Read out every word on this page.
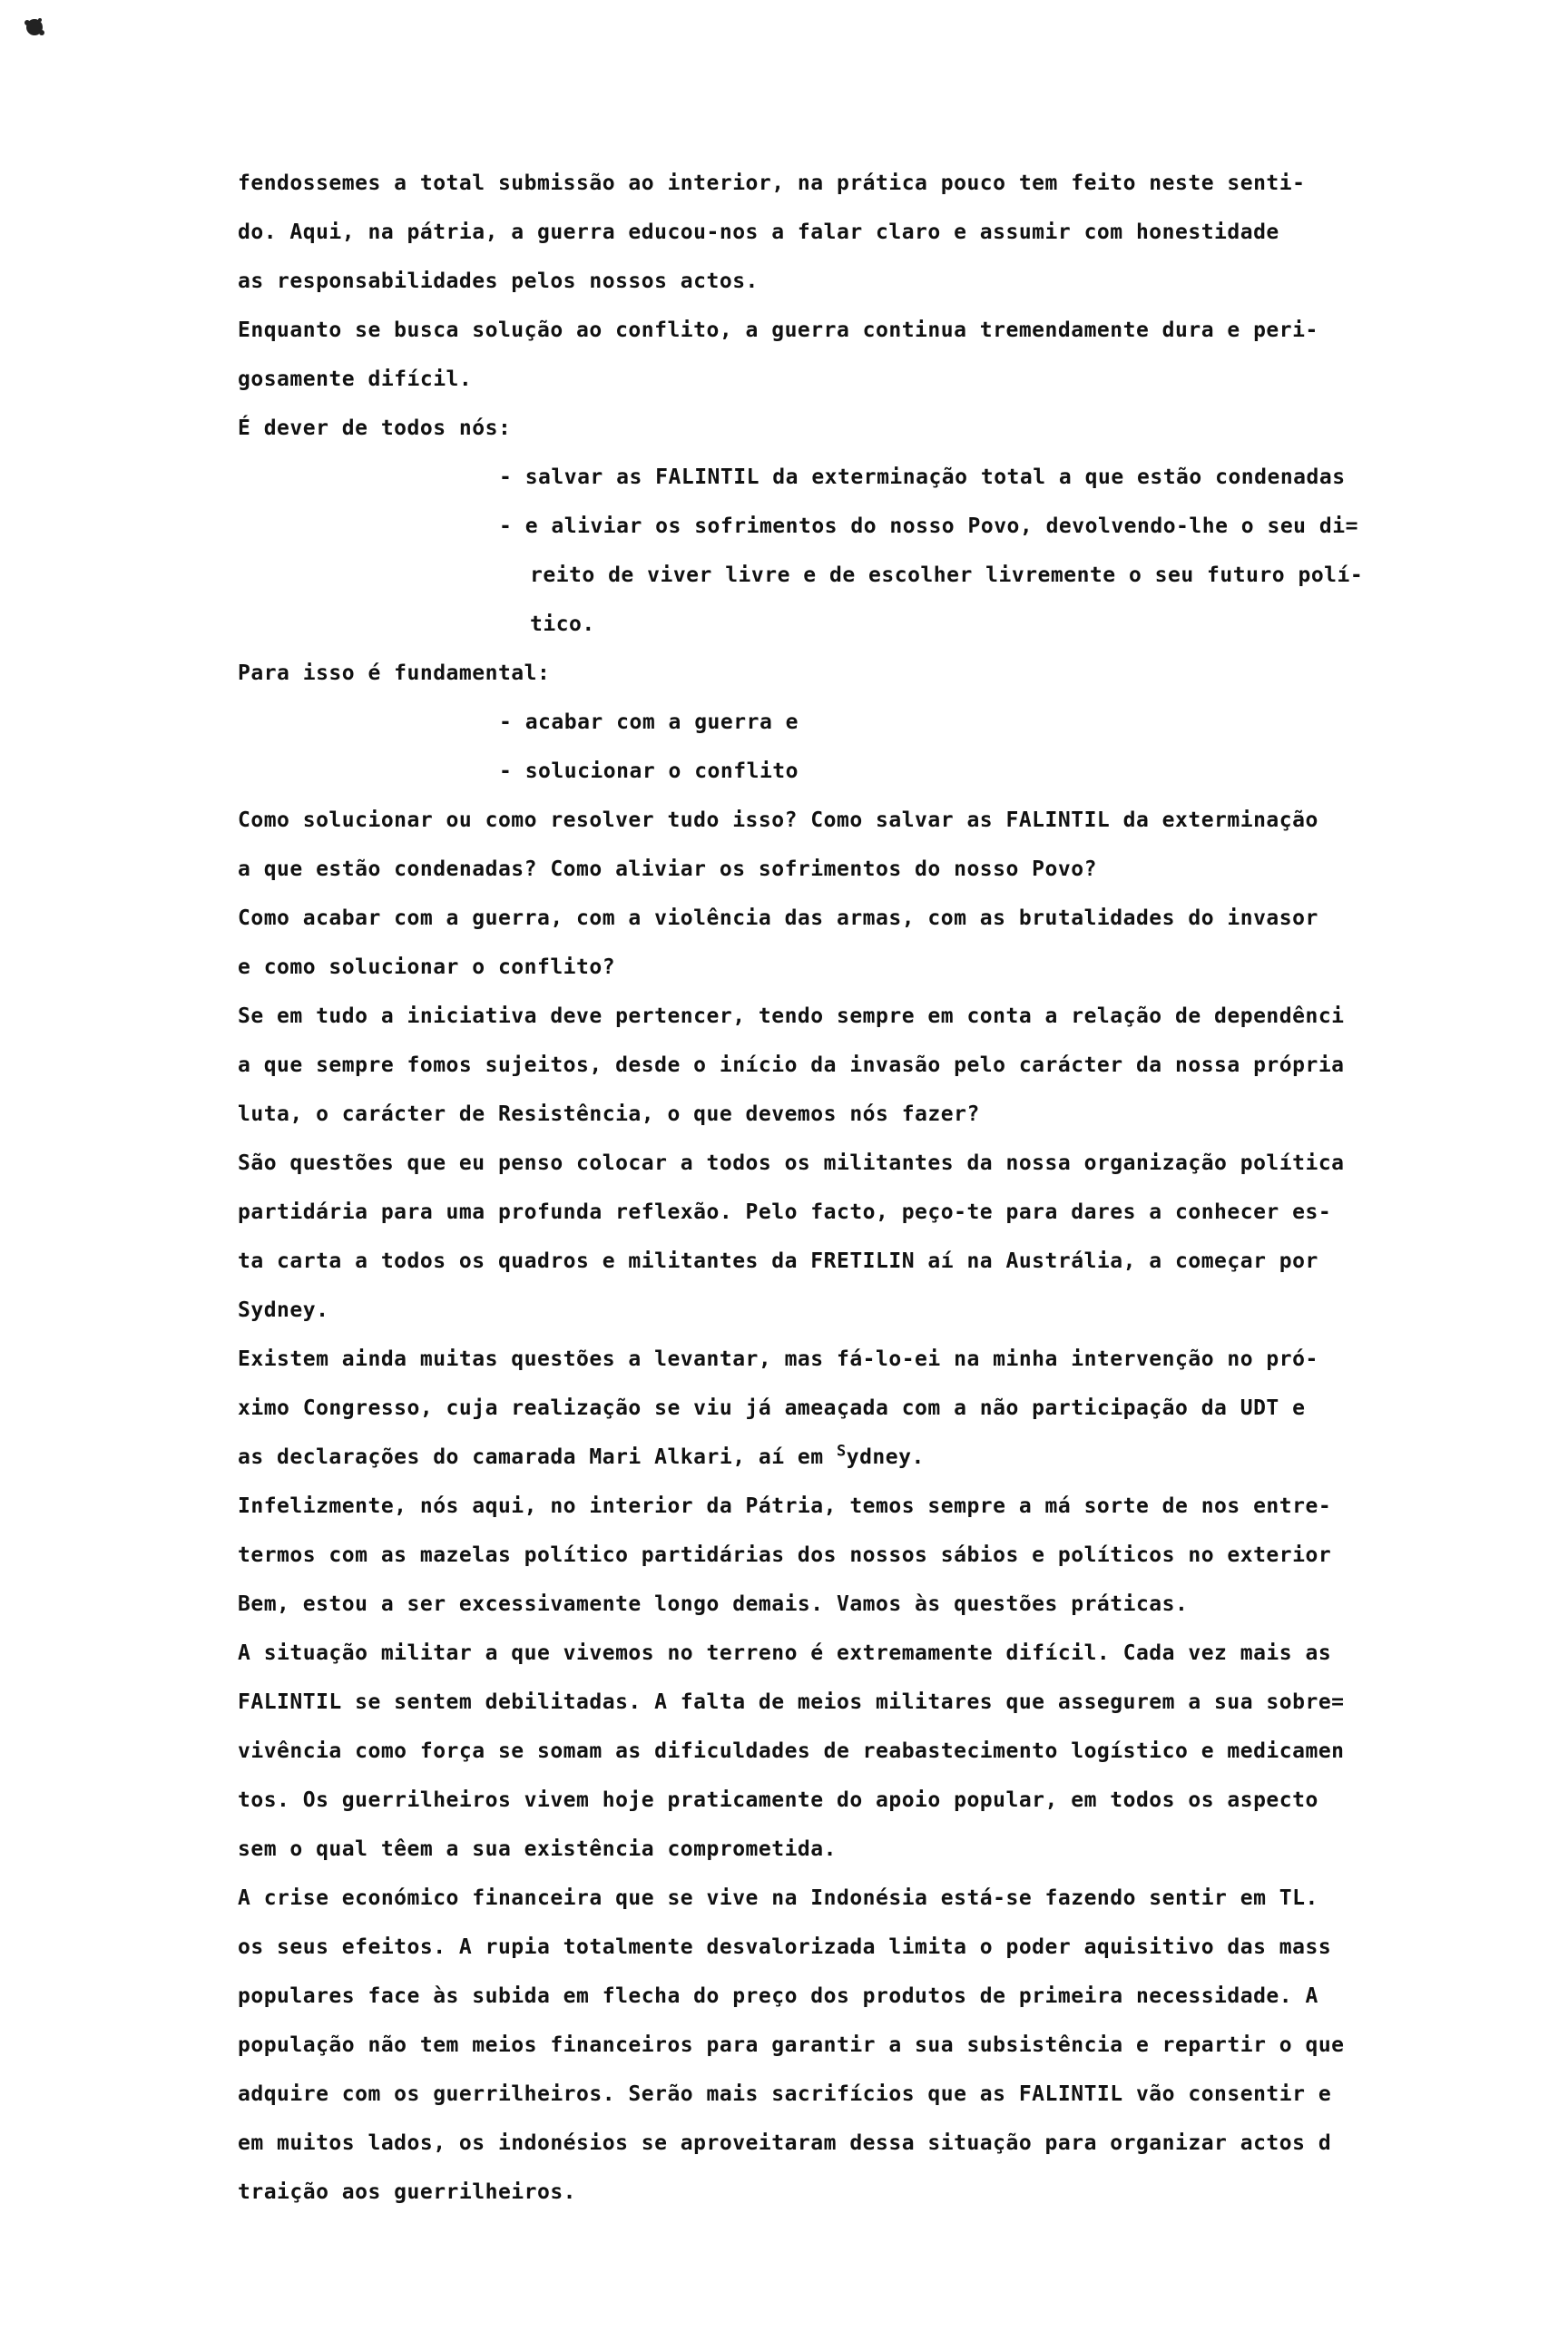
fendossemes a total submissão ao interior, na prática pouco tem feito neste senti-
do. Aqui, na pátria, a guerra educou-nos a falar claro e assumir com honestidade
as responsabilidades pelos nossos actos.
Enquanto se busca solução ao conflito, a guerra continua tremendamente dura e peri-
gosamente difícil.
É dever de todos nós:
- salvar as FALINTIL da exterminação total a que estão condenadas
- e aliviar os sofrimentos do nosso Povo, devolvendo-lhe o seu di=
reito de viver livre e de escolher livremente o seu futuro polí-
tico.
Para isso é fundamental:
- acabar com a guerra e
- solucionar o conflito
Como solucionar ou como resolver tudo isso? Como salvar as FALINTIL da exterminação
a que estão condenadas? Como aliviar os sofrimentos do nosso Povo?
Como acabar com a guerra, com a violência das armas, com as brutalidades do invasor
e como solucionar o conflito?
Se em tudo a iniciativa deve pertencer, tendo sempre em conta a relação de dependênci
a que sempre fomos sujeitos, desde o início da invasão pelo carácter da nossa própria
luta, o carácter de Resistência, o que devemos nós fazer?
São questões que eu penso colocar a todos os militantes da nossa organização política
partidária para uma profunda reflexão. Pelo facto, peço-te para dares a conhecer es-
ta carta a todos os quadros e militantes da FRETILIN aí na Austrália, a começar por
Sydney.
Existem ainda muitas questões a levantar, mas fá-lo-ei na minha intervenção no pró-
ximo Congresso, cuja realização se viu já ameaçada com a não participação da UDT e
as declarações do camarada Mari Alkari, aí em $^S$ydney.
Infelizmente, nós aqui, no interior da Pátria, temos sempre a má sorte de nos entre-
termos com as mazelas político partidárias dos nossos sábios e políticos no exterior
Bem, estou a ser excessivamente longo demais. Vamos às questões práticas.
A situação militar a que vivemos no terreno é extremamente difícil. Cada vez mais as
FALINTIL se sentem debilitadas. A falta de meios militares que assegurem a sua sobre=
vivência como força se somam as dificuldades de reabastecimento logístico e medicamen
tos. Os guerrilheiros vivem hoje praticamente do apoio popular, em todos os aspecto
sem o qual têem a sua existência comprometida.
A crise económico financeira que se vive na Indonésia está-se fazendo sentir em TL.
os seus efeitos. A rupia totalmente desvalorizada limita o poder aquisitivo das mass
populares face às subida em flecha do preço dos produtos de primeira necessidade. A
população não tem meios financeiros para garantir a sua subsistência e repartir o que
adquire com os guerrilheiros. Serão mais sacrifícios que as FALINTIL vão consentir e
em muitos lados, os indonésios se aproveitaram dessa situação para organizar actos d
traição aos guerrilheiros.
